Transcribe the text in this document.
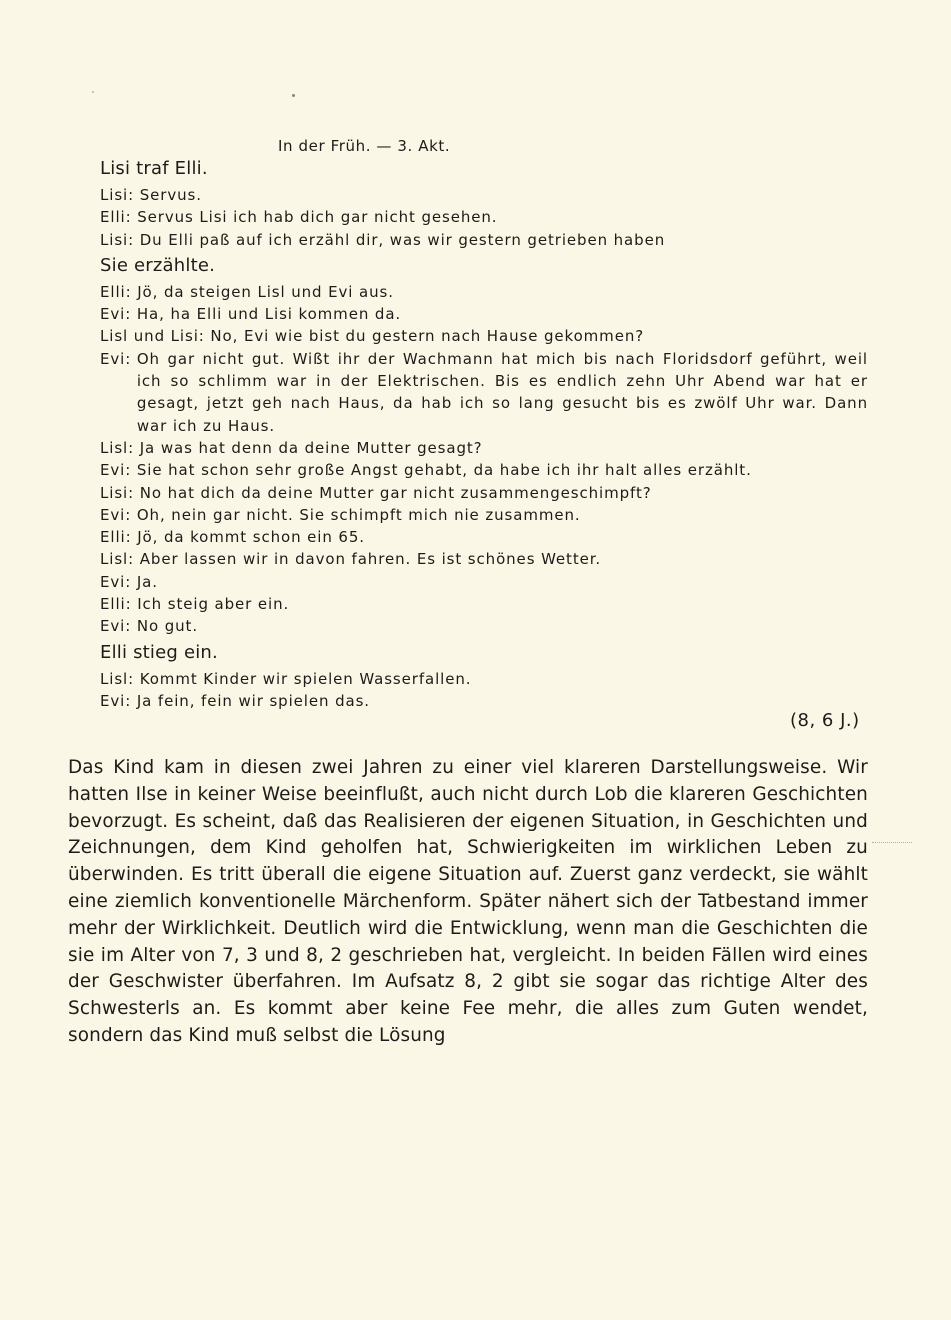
In der Früh. — 3. Akt.

Lisi traf Elli.

Lisi: Servus.
Elli: Servus Lisi ich hab dich gar nicht gesehen.
Lisi: Du Elli paß auf ich erzähl dir, was wir gestern getrieben haben

Sie erzählte.

Elli: Jö, da steigen Lisl und Evi aus.
Evi: Ha, ha Elli und Lisi kommen da.
Lisl und Lisi: No, Evi wie bist du gestern nach Hause gekommen?
Evi: Oh gar nicht gut. Wißt ihr der Wachmann hat mich bis nach Floridsdorf geführt, weil ich so schlimm war in der Elektrischen. Bis es endlich zehn Uhr Abend war hat er gesagt, jetzt geh nach Haus, da hab ich so lang gesucht bis es zwölf Uhr war. Dann war ich zu Haus.
Lisl: Ja was hat denn da deine Mutter gesagt?
Evi: Sie hat schon sehr große Angst gehabt, da habe ich ihr halt alles erzählt.
Lisi: No hat dich da deine Mutter gar nicht zusammengeschimpft?
Evi: Oh, nein gar nicht. Sie schimpft mich nie zusammen.
Elli: Jö, da kommt schon ein 65.
Lisl: Aber lassen wir in davon fahren. Es ist schönes Wetter.
Evi: Ja.
Elli: Ich steig aber ein.
Evi: No gut.

Elli stieg ein.

Lisl: Kommt Kinder wir spielen Wasserfallen.
Evi: Ja fein, fein wir spielen das.
(8, 6 J.)

Das Kind kam in diesen zwei Jahren zu einer viel klareren Darstellungsweise. Wir hatten Ilse in keiner Weise beeinflußt, auch nicht durch Lob die klareren Geschichten bevorzugt. Es scheint, daß das Realisieren der eigenen Situation, in Geschichten und Zeichnungen, dem Kind geholfen hat, Schwierigkeiten im wirklichen Leben zu überwinden. Es tritt überall die eigene Situation auf. Zuerst ganz verdeckt, sie wählt eine ziemlich konventionelle Märchenform. Später nähert sich der Tatbestand immer mehr der Wirklichkeit. Deutlich wird die Entwicklung, wenn man die Geschichten die sie im Alter von 7, 3 und 8, 2 geschrieben hat, vergleicht. In beiden Fällen wird eines der Geschwister überfahren. Im Aufsatz 8, 2 gibt sie sogar das richtige Alter des Schwesterls an. Es kommt aber keine Fee mehr, die alles zum Guten wendet, sondern das Kind muß selbst die Lösung
